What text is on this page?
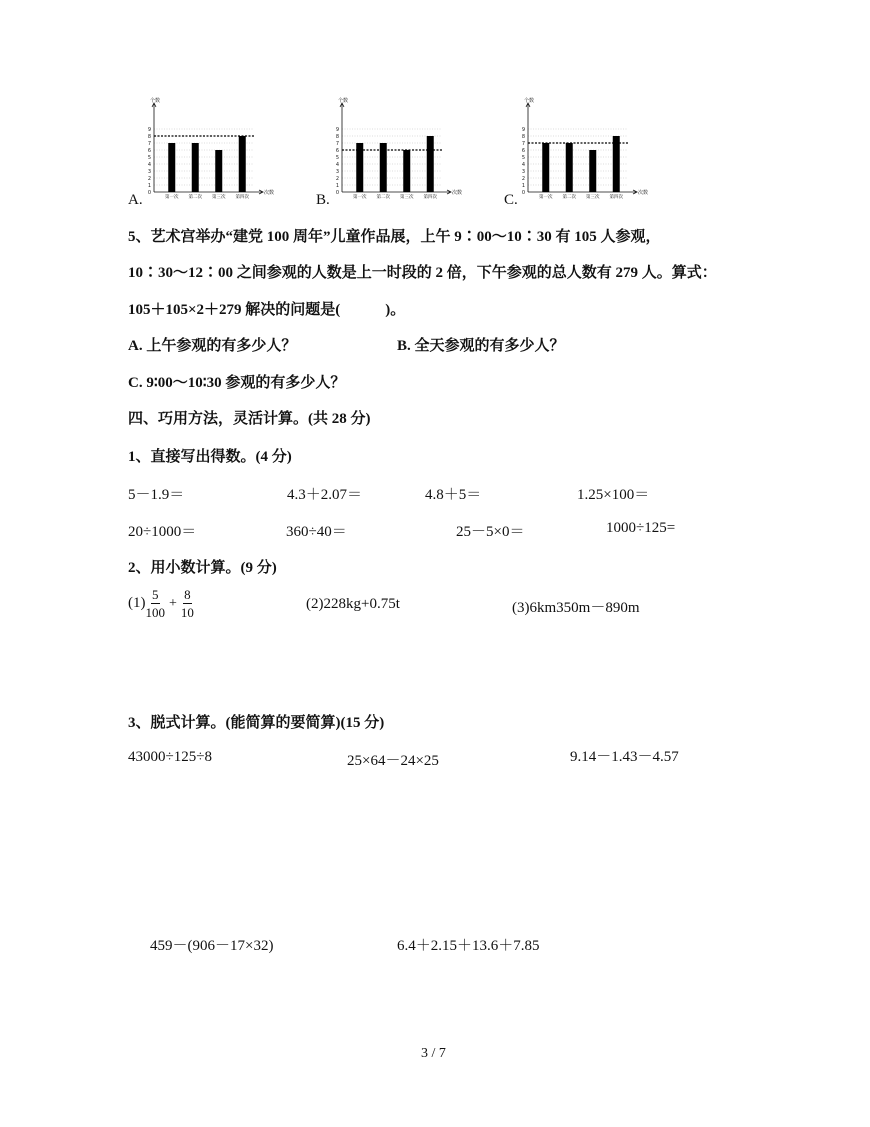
A. 0
1
2
3
4
5
6
7
8
9
个数
次数
第一次 第二次 第三次 第四次	B. 0
1
2
3
4
5
6
7
8
9
个数
次数
第一次 第二次 第三次 第四次	C. 0
1
2
3
4
5
6
7
8
9
个数
次数
第一次 第二次 第三次 第四次
5、艺术宫举办“建党 100 周年”儿童作品展，上午 9∶00～10∶30 有 105 人参观，
10∶30～12∶00 之间参观的人数是上一时段的 2 倍，下午参观的总人数有 279 人。算式：
105＋105×2＋279 解决的问题是(　　　)。
A. 上午参观的有多少人？	B. 全天参观的有多少人？
C. 9∶00～10∶30 参观的有多少人？
四、巧用方法，灵活计算。(共 28 分)
1、直接写出得数。(4 分)
5－1.9＝	4.3＋2.07＝	4.8＋5＝	1.25×100＝
20÷1000＝	360÷40＝	25－5×0＝	1000÷125=
2、用小数计算。(9 分)
$(1) \frac{5}{100} + \frac{8}{10}$	(2)228kg+0.75t	(3)6km350m－890m
3、脱式计算。(能简算的要简算)(15 分)
43000÷125÷8	25×64－24×25	9.14－1.43－4.57
459－(906－17×32)	6.4＋2.15＋13.6＋7.85
3 / 7
